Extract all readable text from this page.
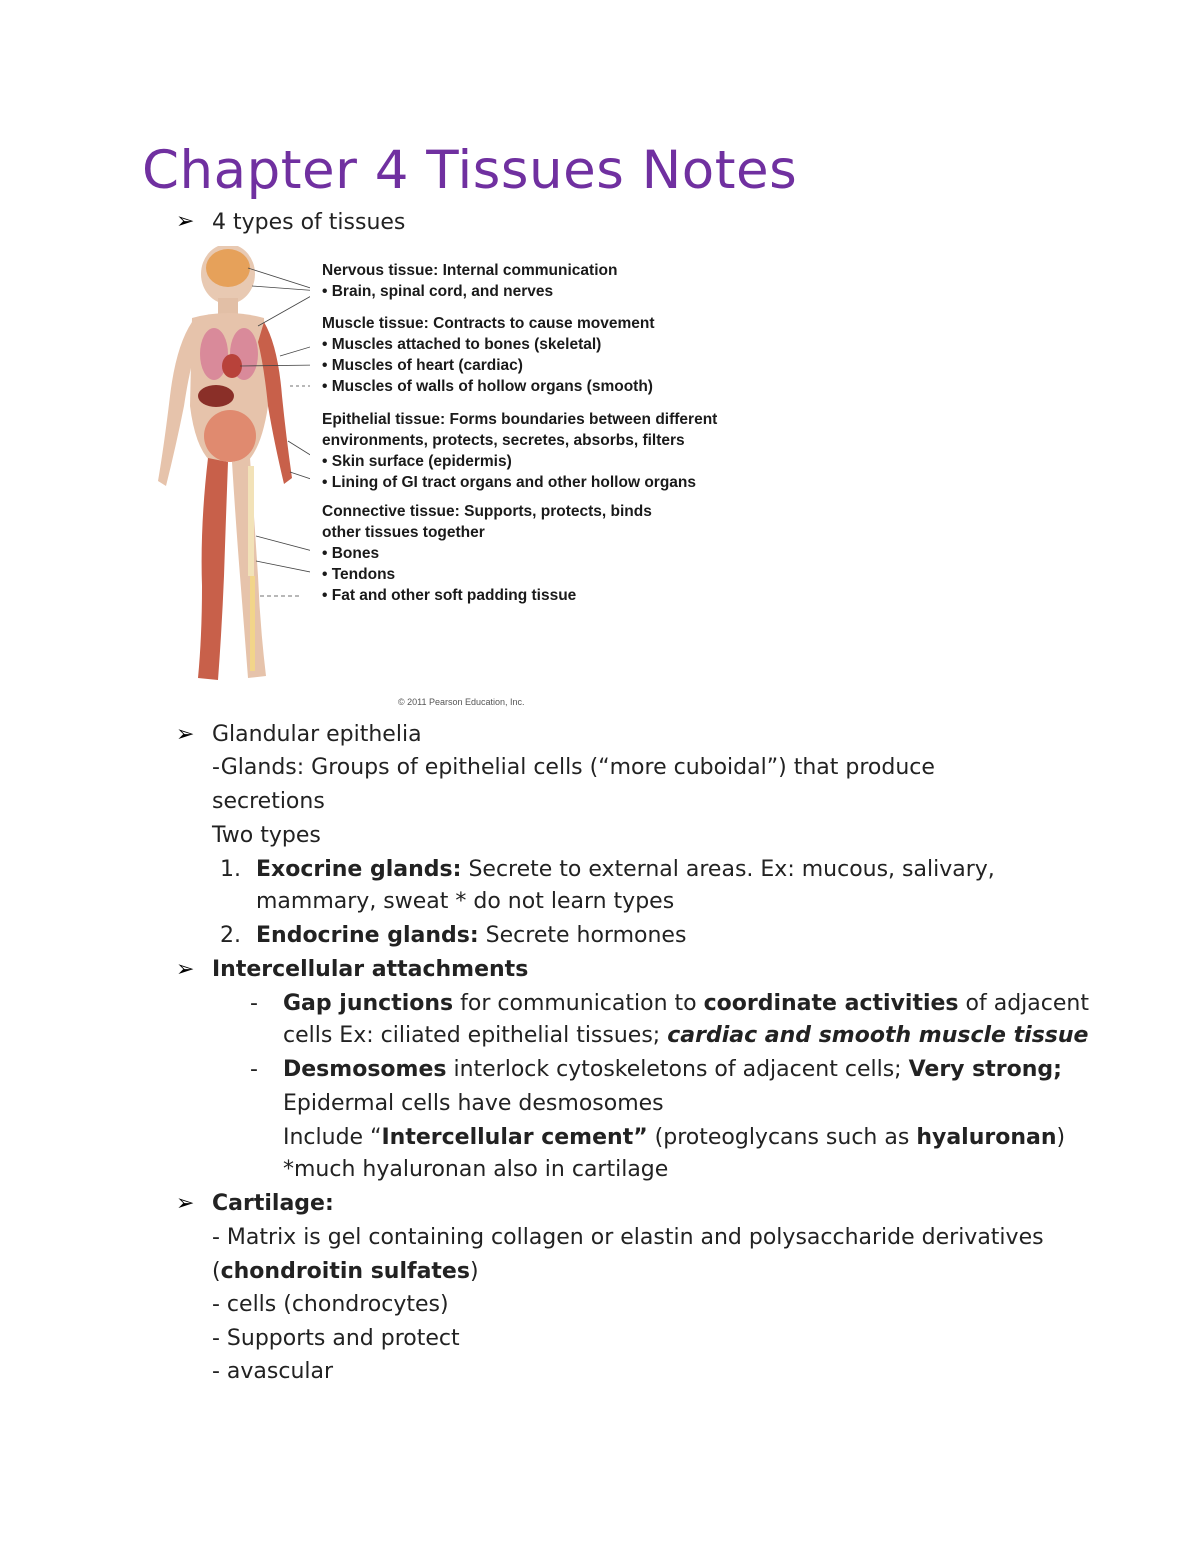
Chapter 4 Tissues Notes
➢ 4 types of tissues
Nervous tissue: Internal communication
• Brain, spinal cord, and nerves
Muscle tissue: Contracts to cause movement
• Muscles attached to bones (skeletal)
• Muscles of heart (cardiac)
• Muscles of walls of hollow organs (smooth)
Epithelial tissue: Forms boundaries between different
environments, protects, secretes, absorbs, filters
• Skin surface (epidermis)
• Lining of GI tract organs and other hollow organs
Connective tissue: Supports, protects, binds
other tissues together
• Bones
• Tendons
• Fat and other soft padding tissue
© 2011 Pearson Education, Inc.
➢ Glandular epithelia
-Glands: Groups of epithelial cells (“more cuboidal”) that produce
secretions
Two types
1. Exocrine glands: Secrete to external areas. Ex: mucous, salivary,
mammary, sweat * do not learn types
2. Endocrine glands: Secrete hormones
➢ Intercellular attachments
- Gap junctions for communication to coordinate activities of adjacent
cells Ex: ciliated epithelial tissues; cardiac and smooth muscle tissue
- Desmosomes interlock cytoskeletons of adjacent cells; Very strong;
Epidermal cells have desmosomes
Include “Intercellular cement” (proteoglycans such as hyaluronan)
*much hyaluronan also in cartilage
➢ Cartilage:
- Matrix is gel containing collagen or elastin and polysaccharide derivatives
(chondroitin sulfates)
- cells (chondrocytes)
- Supports and protect
- avascular
